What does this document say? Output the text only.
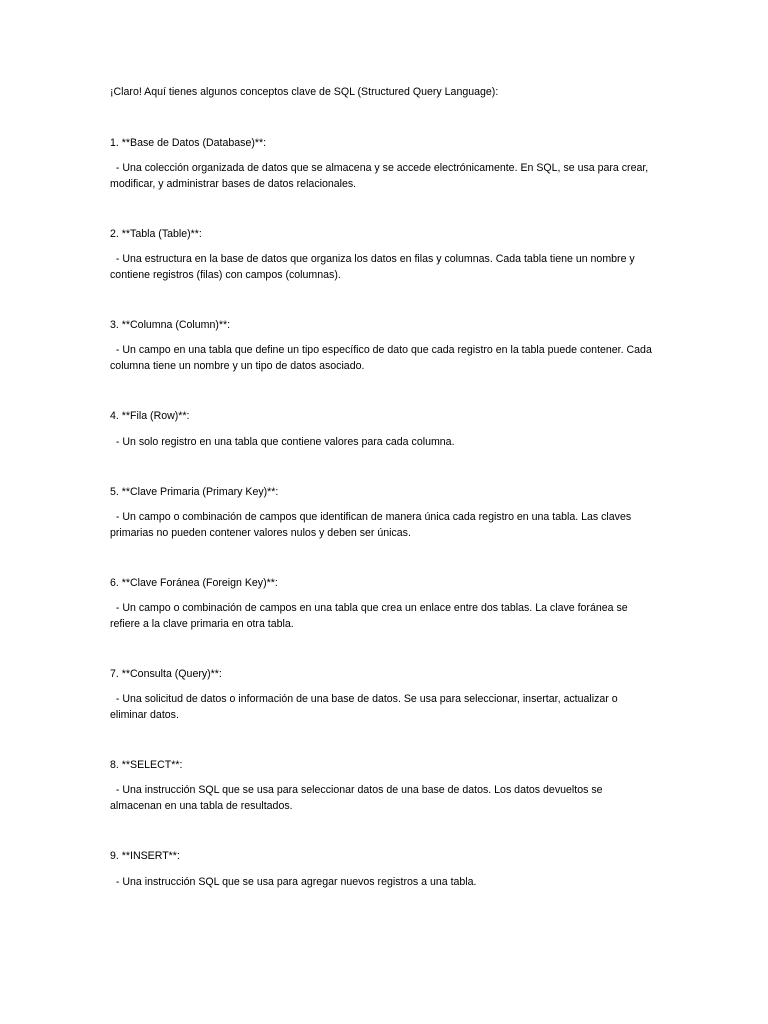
¡Claro! Aquí tienes algunos conceptos clave de SQL (Structured Query Language):

1. **Base de Datos (Database)**:

- Una colección organizada de datos que se almacena y se accede electrónicamente. En SQL, se usa para crear, modificar, y administrar bases de datos relacionales.

2. **Tabla (Table)**:

- Una estructura en la base de datos que organiza los datos en filas y columnas. Cada tabla tiene un nombre y contiene registros (filas) con campos (columnas).

3. **Columna (Column)**:

- Un campo en una tabla que define un tipo específico de dato que cada registro en la tabla puede contener. Cada columna tiene un nombre y un tipo de datos asociado.

4. **Fila (Row)**:

- Un solo registro en una tabla que contiene valores para cada columna.

5. **Clave Primaria (Primary Key)**:

- Un campo o combinación de campos que identifican de manera única cada registro en una tabla. Las claves primarias no pueden contener valores nulos y deben ser únicas.

6. **Clave Foránea (Foreign Key)**:

- Un campo o combinación de campos en una tabla que crea un enlace entre dos tablas. La clave foránea se refiere a la clave primaria en otra tabla.

7. **Consulta (Query)**:

- Una solicitud de datos o información de una base de datos. Se usa para seleccionar, insertar, actualizar o eliminar datos.

8. **SELECT**:

- Una instrucción SQL que se usa para seleccionar datos de una base de datos. Los datos devueltos se almacenan en una tabla de resultados.

9. **INSERT**:

- Una instrucción SQL que se usa para agregar nuevos registros a una tabla.
